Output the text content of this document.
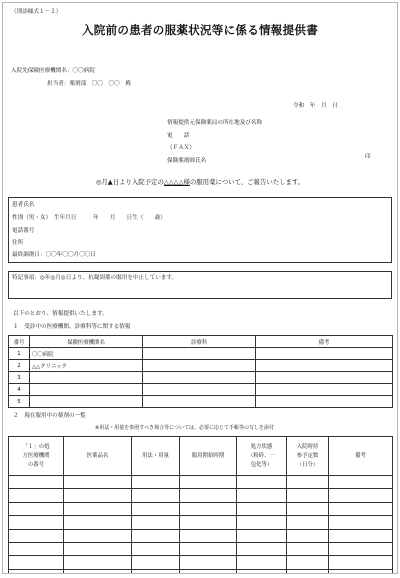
（別添様式１－２）
入院前の患者の服薬状況等に係る情報提供書
入院先保険医療機関名：〇〇病院
担当者：薬剤部　〇〇　〇〇　殿
令和　年　月　日
情報提供元保険薬局の所在地及び名称
電　　話
（ＦＡＸ）
保険薬剤師氏名
印
◎月▲日より入院予定の△△△△様の服用薬について、ご報告いたします。
患者氏名
性別（男・女）　生年月日　　　年　　月　　日生（　　歳）
電話番号
住所
最終調剤日：〇〇年〇〇月〇〇日
特記事項：◎年◎月◎日より、抗凝固薬の服用を中止しています。
以下のとおり、情報提供いたします。
１　受診中の医療機関、診療科等に関する情報
番号	保険医療機関名	診療科	備考
1	〇〇病院		
2	△△クリニック		
3			
4			
5			
２　現在服用中の薬剤の一覧
※用法・用量を参照すべき場合等については、必要に応じて手帳等の写しを添付
「１」の処
方医療機関
の番号	医薬品名	用法・用量	服用開始時期	処方状態
（粉砕、一
包化等）	入院時持
参予定数
（日分）	備考
